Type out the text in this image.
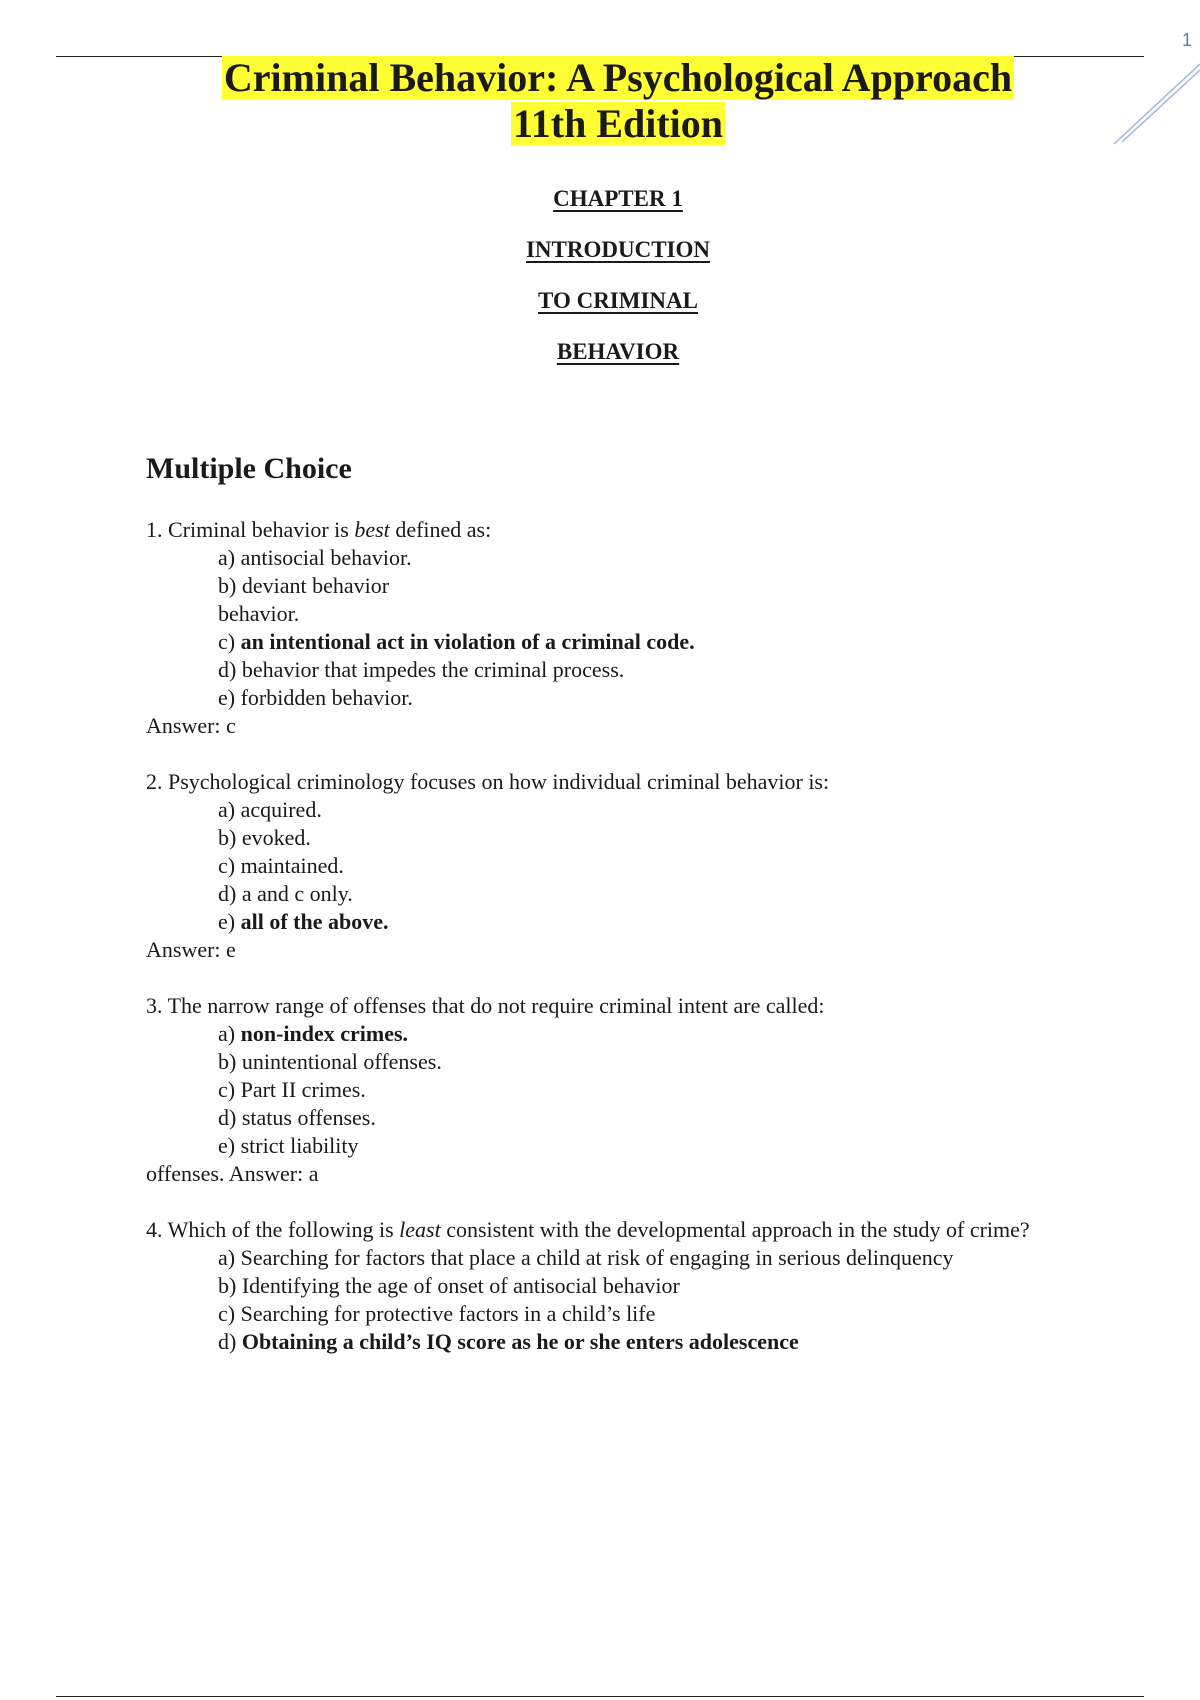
1
Criminal Behavior: A Psychological Approach
11th Edition
CHAPTER 1
INTRODUCTION
TO CRIMINAL
BEHAVIOR
Multiple Choice

1. Criminal behavior is best defined as:

a) antisocial behavior.

b) deviant behavior

behavior.

c) an intentional act in violation of a criminal code.

d) behavior that impedes the criminal process.

e) forbidden behavior.

Answer: c

2. Psychological criminology focuses on how individual criminal behavior is:

a) acquired.

b) evoked.

c) maintained.

d) a and c only.

e) all of the above.

Answer: e

3. The narrow range of offenses that do not require criminal intent are called:

a) non-index crimes.

b) unintentional offenses.

c) Part II crimes.

d) status offenses.

e) strict liability

offenses. Answer: a

4. Which of the following is least consistent with the developmental approach in the study of crime?

a) Searching for factors that place a child at risk of engaging in serious delinquency

b) Identifying the age of onset of antisocial behavior

c) Searching for protective factors in a child’s life

d) Obtaining a child’s IQ score as he or she enters adolescence
